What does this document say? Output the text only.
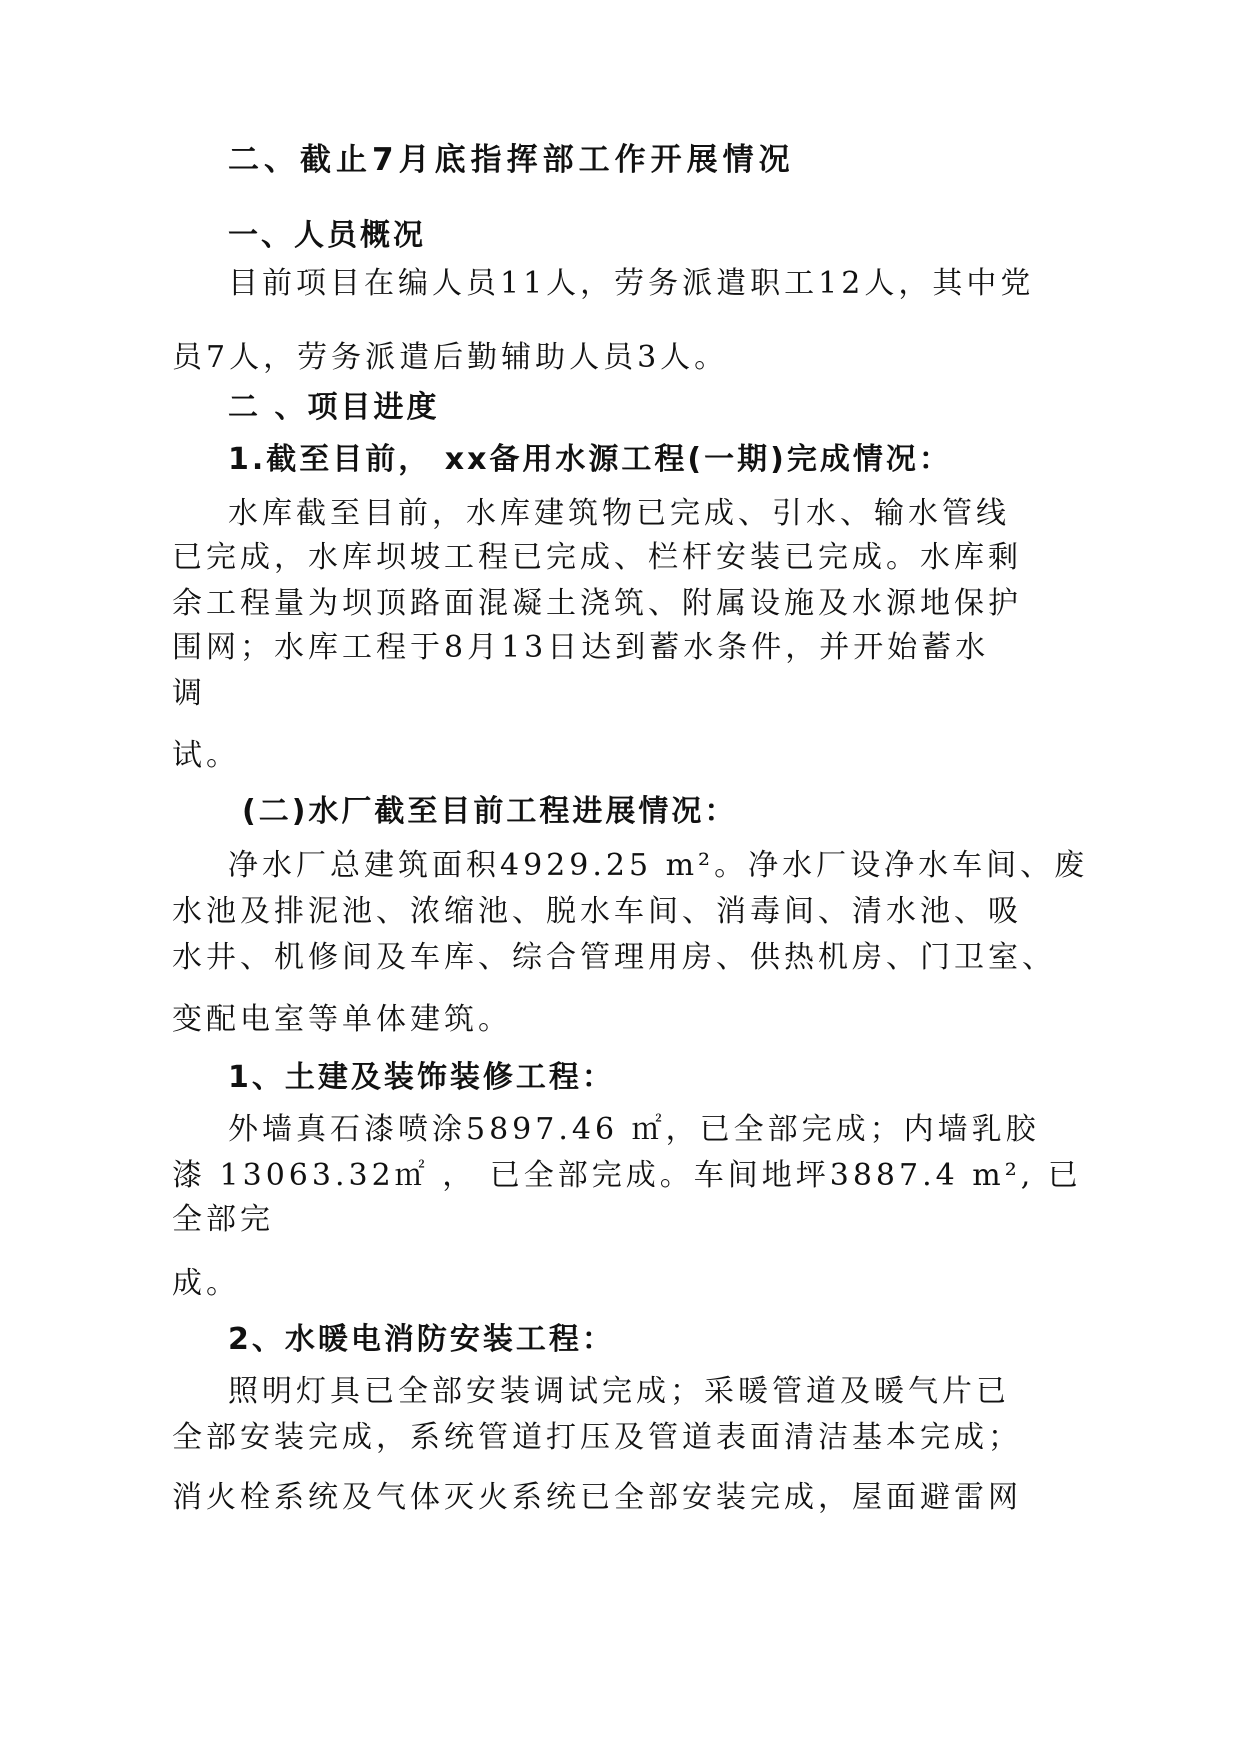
二、截止7月底指挥部工作开展情况
一、人员概况
目前项目在编人员11人，劳务派遣职工12人，其中党
员7人，劳务派遣后勤辅助人员3人。
二 、项目进度
1.截至目前， xx备用水源工程(一期)完成情况：
水库截至目前，水库建筑物已完成、引水、输水管线
已完成，水库坝坡工程已完成、栏杆安装已完成。水库剩
余工程量为坝顶路面混凝土浇筑、附属设施及水源地保护
围网；水库工程于8月13日达到蓄水条件，并开始蓄水
调
试。
(二)水厂截至目前工程进展情况：
净水厂总建筑面积4929.25 m²。净水厂设净水车间、废
水池及排泥池、浓缩池、脱水车间、消毒间、清水池、吸
水井、机修间及车库、综合管理用房、供热机房、门卫室、
变配电室等单体建筑。
1、土建及装饰装修工程：
外墙真石漆喷涂5897.46 ㎡，已全部完成；内墙乳胶
漆 13063.32㎡ ， 已全部完成。车间地坪3887.4 m², 已
全部完
成。
2、水暖电消防安装工程：
照明灯具已全部安装调试完成；采暖管道及暖气片已
全部安装完成，系统管道打压及管道表面清洁基本完成；
消火栓系统及气体灭火系统已全部安装完成，屋面避雷网
